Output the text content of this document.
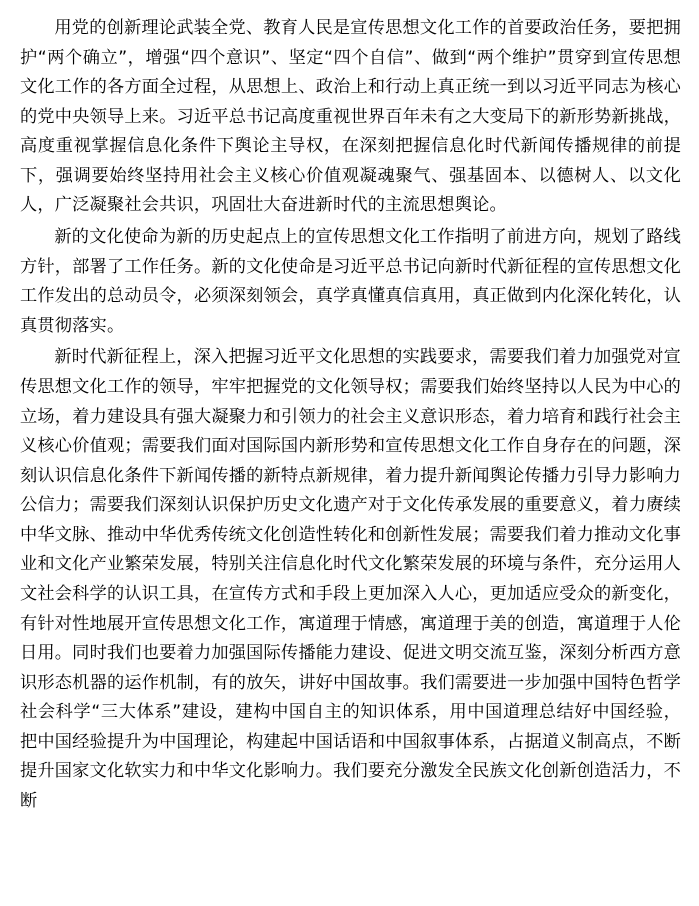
用党的创新理论武装全党、教育人民是宣传思想文化工作的首要政治任务，要把拥护“两个确立”，增强“四个意识”、坚定“四个自信”、做到“两个维护”贯穿到宣传思想文化工作的各方面全过程，从思想上、政治上和行动上真正统一到以习近平同志为核心的党中央领导上来。习近平总书记高度重视世界百年未有之大变局下的新形势新挑战，高度重视掌握信息化条件下舆论主导权，在深刻把握信息化时代新闻传播规律的前提下，强调要始终坚持用社会主义核心价值观凝魂聚气、强基固本、以德树人、以文化人，广泛凝聚社会共识，巩固壮大奋进新时代的主流思想舆论。

新的文化使命为新的历史起点上的宣传思想文化工作指明了前进方向，规划了路线方针，部署了工作任务。新的文化使命是习近平总书记向新时代新征程的宣传思想文化工作发出的总动员令，必须深刻领会，真学真懂真信真用，真正做到内化深化转化，认真贯彻落实。

新时代新征程上，深入把握习近平文化思想的实践要求，需要我们着力加强党对宣传思想文化工作的领导，牢牢把握党的文化领导权；需要我们始终坚持以人民为中心的立场，着力建设具有强大凝聚力和引领力的社会主义意识形态，着力培育和践行社会主义核心价值观；需要我们面对国际国内新形势和宣传思想文化工作自身存在的问题，深刻认识信息化条件下新闻传播的新特点新规律，着力提升新闻舆论传播力引导力影响力公信力；需要我们深刻认识保护历史文化遗产对于文化传承发展的重要意义，着力赓续中华文脉、推动中华优秀传统文化创造性转化和创新性发展；需要我们着力推动文化事业和文化产业繁荣发展，特别关注信息化时代文化繁荣发展的环境与条件，充分运用人文社会科学的认识工具，在宣传方式和手段上更加深入人心，更加适应受众的新变化，有针对性地展开宣传思想文化工作，寓道理于情感，寓道理于美的创造，寓道理于人伦日用。同时我们也要着力加强国际传播能力建设、促进文明交流互鉴，深刻分析西方意识形态机器的运作机制，有的放矢，讲好中国故事。我们需要进一步加强中国特色哲学社会科学“三大体系”建设，建构中国自主的知识体系，用中国道理总结好中国经验，把中国经验提升为中国理论，构建起中国话语和中国叙事体系，占据道义制高点，不断提升国家文化软实力和中华文化影响力。我们要充分激发全民族文化创新创造活力，不断
